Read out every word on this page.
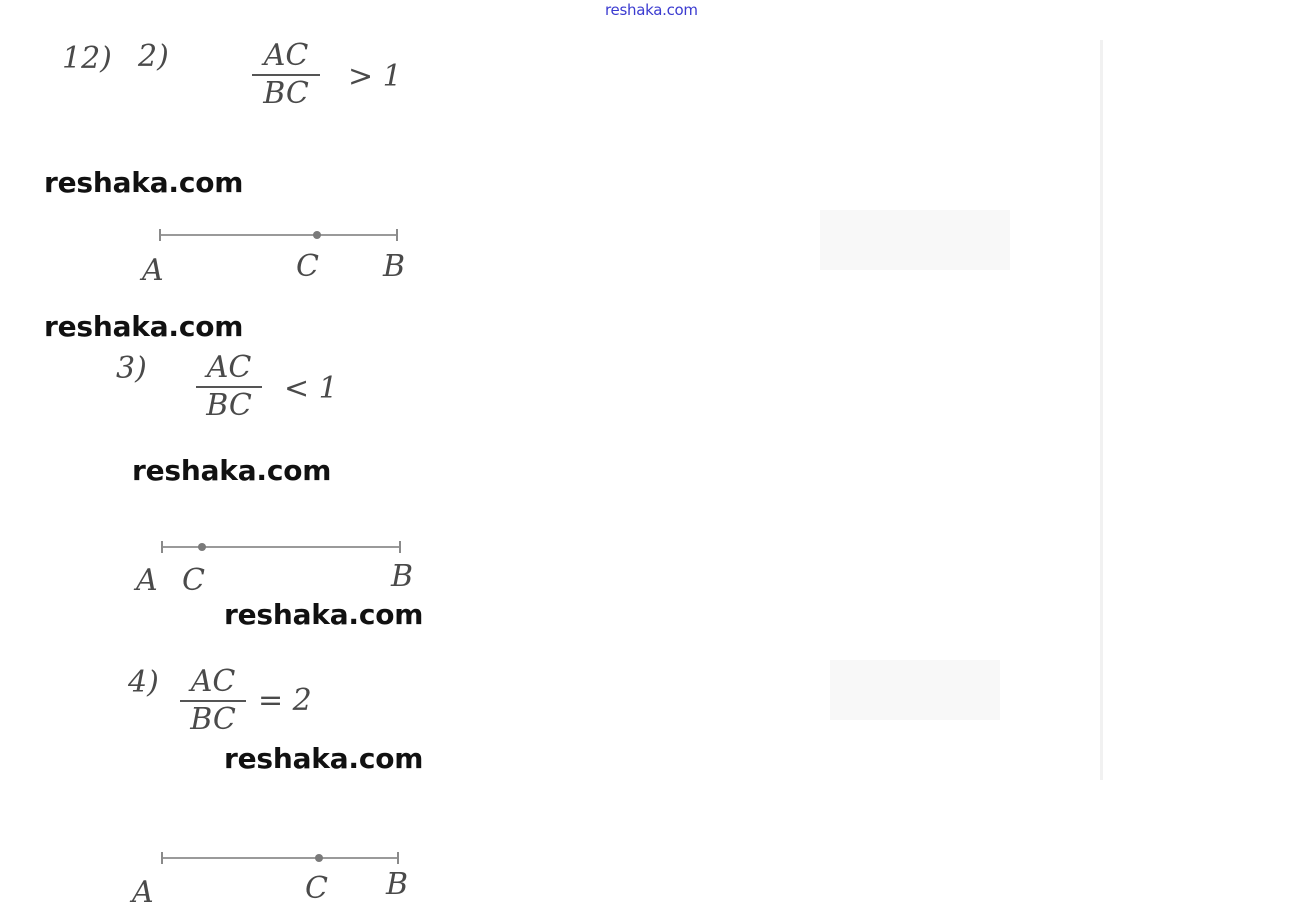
reshaka.com
12) 2)	AC
BC	> 1
reshaka.com
A	C B
reshaka.com
3)	AC
BC	< 1
reshaka.com
A C	B
reshaka.com
4)	AC
BC
= 2
reshaka.com
A	C B
